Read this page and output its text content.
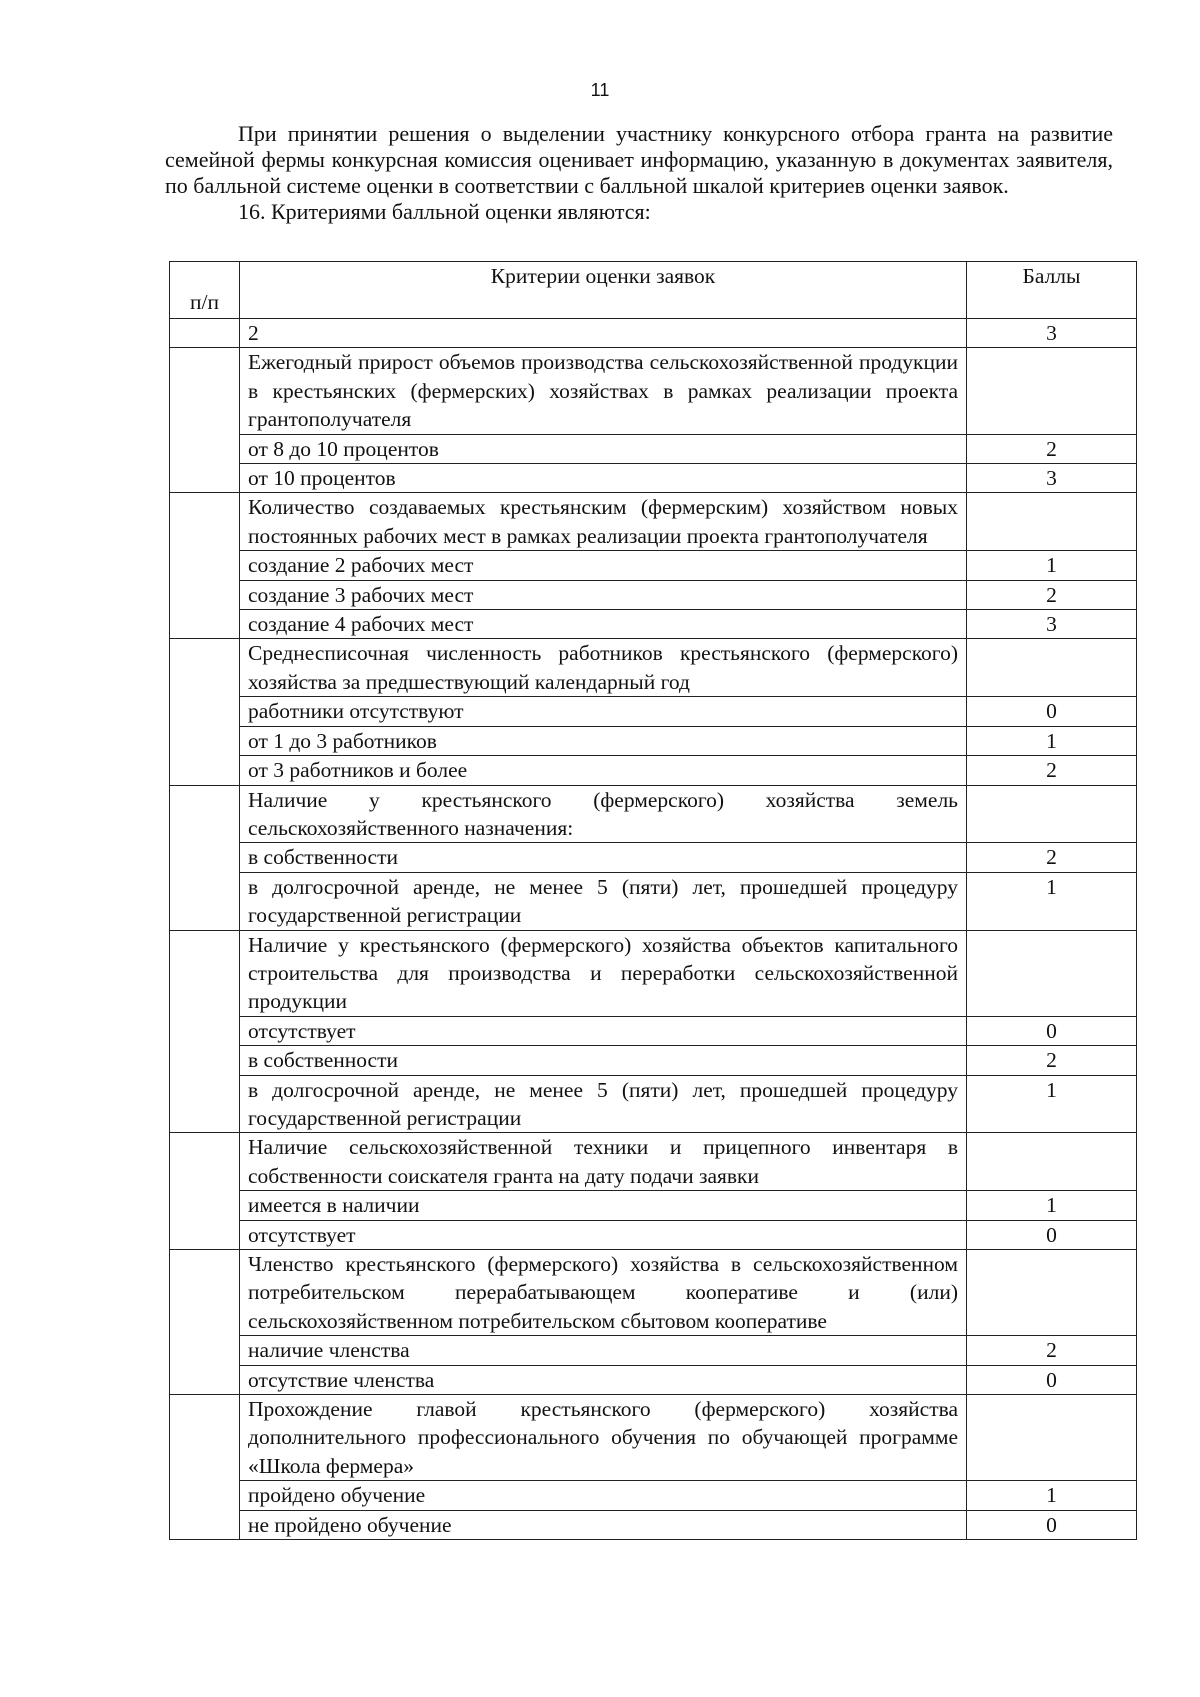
11

При принятии решения о выделении участнику конкурсного отбора гранта на развитие семейной фермы конкурсная комиссия оценивает информацию, указанную в документах заявителя, по балльной системе оценки в соответствии с балльной шкалой критериев оценки заявок.

16. Критериями балльной оценки являются:

п/п	Критерии оценки заявок	Баллы
	2	3
	Ежегодный прирост объемов производства сельскохозяйственной продукции в крестьянских (фермерских) хозяйствах в рамках реализации проекта грантополучателя	
	от 8 до 10 процентов	2
	от 10 процентов	3
	Количество создаваемых крестьянским (фермерским) хозяйством новых постоянных рабочих мест в рамках реализации проекта грантополучателя	
	создание 2 рабочих мест	1
	создание 3 рабочих мест	2
	создание 4 рабочих мест	3
	Среднесписочная численность работников крестьянского (фермерского) хозяйства за предшествующий календарный год	
	работники отсутствуют	0
	от 1 до 3 работников	1
	от 3 работников и более	2
	Наличие у крестьянского (фермерского) хозяйства земель сельскохозяйственного назначения:	
	в собственности	2
	в долгосрочной аренде, не менее 5 (пяти) лет, прошедшей процедуру государственной регистрации	1
	Наличие у крестьянского (фермерского) хозяйства объектов капитального строительства для производства и переработки сельскохозяйственной продукции	
	отсутствует	0
	в собственности	2
	в долгосрочной аренде, не менее 5 (пяти) лет, прошедшей процедуру государственной регистрации	1
	Наличие сельскохозяйственной техники и прицепного инвентаря в собственности соискателя гранта на дату подачи заявки	
	имеется в наличии	1
	отсутствует	0
	Членство крестьянского (фермерского) хозяйства в сельскохозяйственном потребительском перерабатывающем кооперативе и (или) сельскохозяйственном потребительском сбытовом кооперативе	
	наличие членства	2
	отсутствие членства	0
	Прохождение главой крестьянского (фермерского) хозяйства дополнительного профессионального обучения по обучающей программе «Школа фермера»	
	пройдено обучение	1
	не пройдено обучение	0
